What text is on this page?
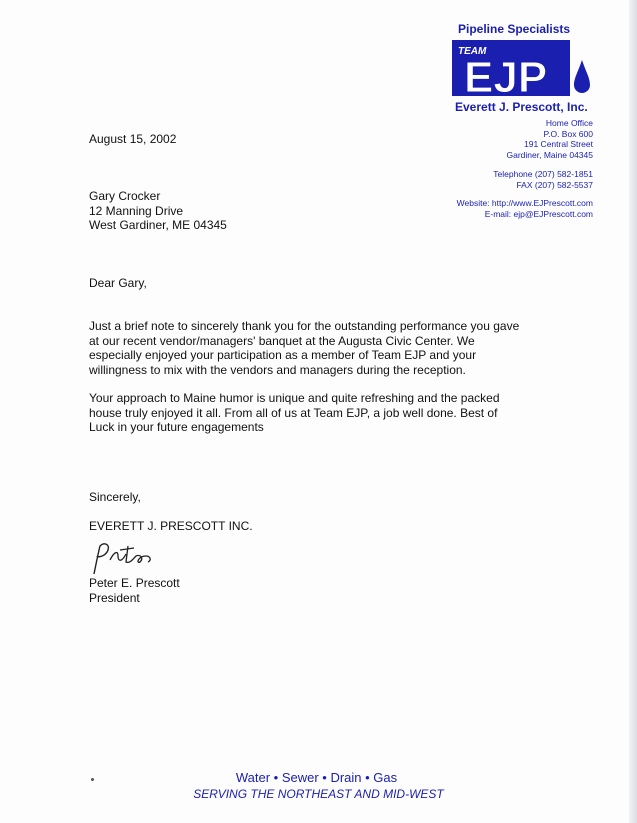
Pipeline Specialists
TEAM
EJP
Everett J. Prescott, Inc.
Home Office
P.O. Box 600
191 Central Street
Gardiner, Maine 04345
Telephone (207) 582-1851
FAX (207) 582-5537
Website: http://www.EJPrescott.com
E-mail: ejp@EJPrescott.com
August 15, 2002
Gary Crocker
12 Manning Drive
West Gardiner, ME 04345
Dear Gary,
Just a brief note to sincerely thank you for the outstanding performance you gave
at our recent vendor/managers' banquet at the Augusta Civic Center. We
especially enjoyed your participation as a member of Team EJP and your
willingness to mix with the vendors and managers during the reception.
Your approach to Maine humor is unique and quite refreshing and the packed
house truly enjoyed it all. From all of us at Team EJP, a job well done. Best of
Luck in your future engagements
Sincerely,
EVERETT J. PRESCOTT INC.
Peter E. Prescott
President
Water • Sewer • Drain • Gas
SERVING THE NORTHEAST AND MID-WEST
